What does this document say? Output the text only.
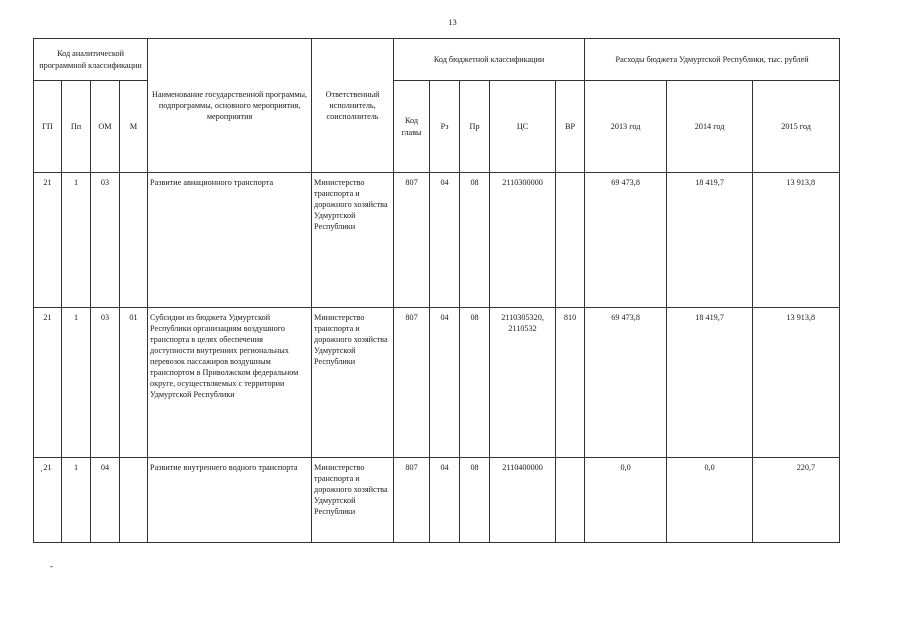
13
Код аналитической программной классификации				Наименование государственной программы, подпрограммы, основного мероприятия, мероприятия	Ответственный исполнитель, соисполнитель	Код бюджетной классификации					Расходы бюджета Удмуртской Республики, тыс. рублей		
ГП	Пп	ОМ	М			Код главы	Рз	Пр	ЦС	ВР	2013 год	2014 год	2015 год
21	1	03		Развитие авиационного транспорта	Министерство транспорта и дорожного хозяйства Удмуртской Республики	807	04	08	2110300000		69 473,8	18 419,7	13 913,8
21	1	03	01	Субсидии из бюджета Удмуртской Республики организациям воздушного транспорта в целях обеспечения доступности внутренних региональных перевозок пассажиров воздушным транспортом в Приволжском федеральном округе, осуществляемых с территории Удмуртской Республики	Министерство транспорта и дорожного хозяйства Удмуртской Республики	807	04	08	2110305320, 2110532	810	69 473,8	18 419,7	13 913,8
21	1	04		Развитие внутреннего водного транспорта	Министерство транспорта и дорожного хозяйства Удмуртской Республики	807	04	08	2110400000		0,0	0,0	220,7
·
-
